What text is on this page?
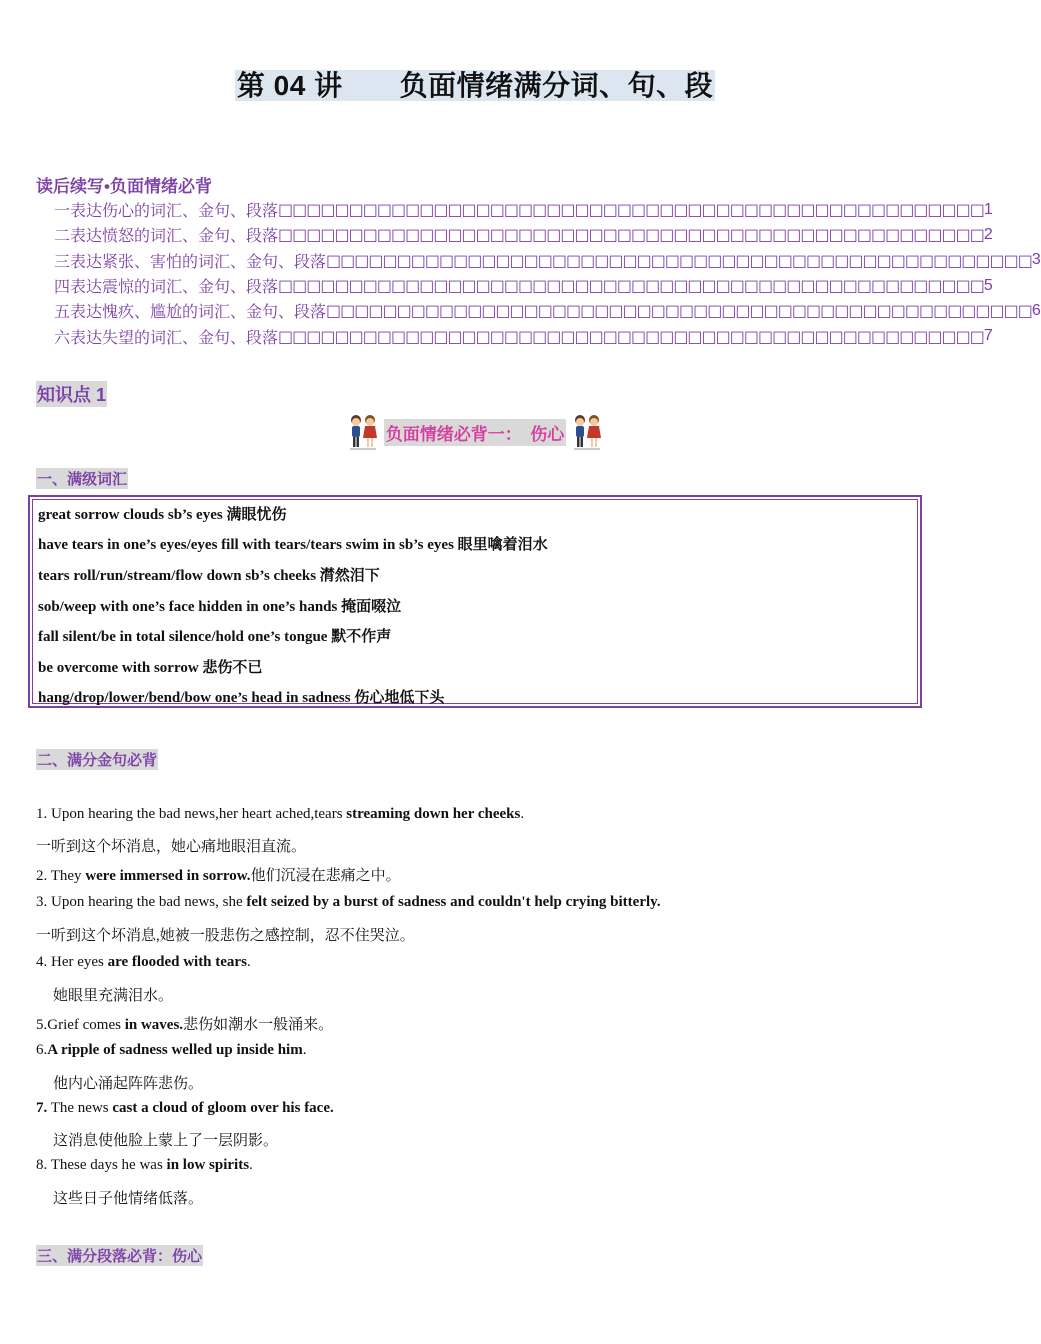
第 04 讲　　负面情绪满分词、句、段
读后续写•负面情绪必背
一 表达伤心的词汇、金句、段落 □□□□□□□□□□□□□□□□□□□□□□□□□□□□□□□□□□□□□□□□□□□□□□□□□□ 1
二 表达愤怒的词汇、金句、段落 □□□□□□□□□□□□□□□□□□□□□□□□□□□□□□□□□□□□□□□□□□□□□□□□□□ 2
三 表达紧张、害怕的词汇、金句、段落 □□□□□□□□□□□□□□□□□□□□□□□□□□□□□□□□□□□□□□□□□□□□□□□□□□ 3
四 表达震惊的词汇、金句、段落 □□□□□□□□□□□□□□□□□□□□□□□□□□□□□□□□□□□□□□□□□□□□□□□□□□ 5
五 表达愧疚、尴尬的词汇、金句、段落 □□□□□□□□□□□□□□□□□□□□□□□□□□□□□□□□□□□□□□□□□□□□□□□□□□ 6
六 表达失望的词汇、金句、段落 □□□□□□□□□□□□□□□□□□□□□□□□□□□□□□□□□□□□□□□□□□□□□□□□□□ 7
知识点 1
负面情绪必背一：　伤心
一、满级词汇
great sorrow clouds sb’s eyes 满眼忧伤
have tears in one’s eyes/eyes fill with tears/tears swim in sb’s eyes 眼里噙着泪水
tears roll/run/stream/flow down sb’s cheeks 潸然泪下
sob/weep with one’s face hidden in one’s hands 掩面啜泣
fall silent/be in total silence/hold one’s tongue 默不作声
be overcome with sorrow 悲伤不已
hang/drop/lower/bend/bow one’s head in sadness 伤心地低下头
二、满分金句必背
1. Upon hearing the bad news,her heart ached,tears streaming down her cheeks.
一听到这个坏消息，她心痛地眼泪直流。
2. They were immersed in sorrow.他们沉浸在悲痛之中。
3. Upon hearing the bad news, she felt seized by a burst of sadness and couldn't help crying bitterly.
一听到这个坏消息,她被一股悲伤之感控制，忍不住哭泣。
4. Her eyes are flooded with tears.
她眼里充满泪水。
5.Grief comes in waves.悲伤如潮水一般涌来。
6.A ripple of sadness welled up inside him.
他内心涌起阵阵悲伤。
7. The news cast a cloud of gloom over his face.
这消息使他脸上蒙上了一层阴影。
8. These days he was in low spirits.
这些日子他情绪低落。
三、满分段落必背：伤心
